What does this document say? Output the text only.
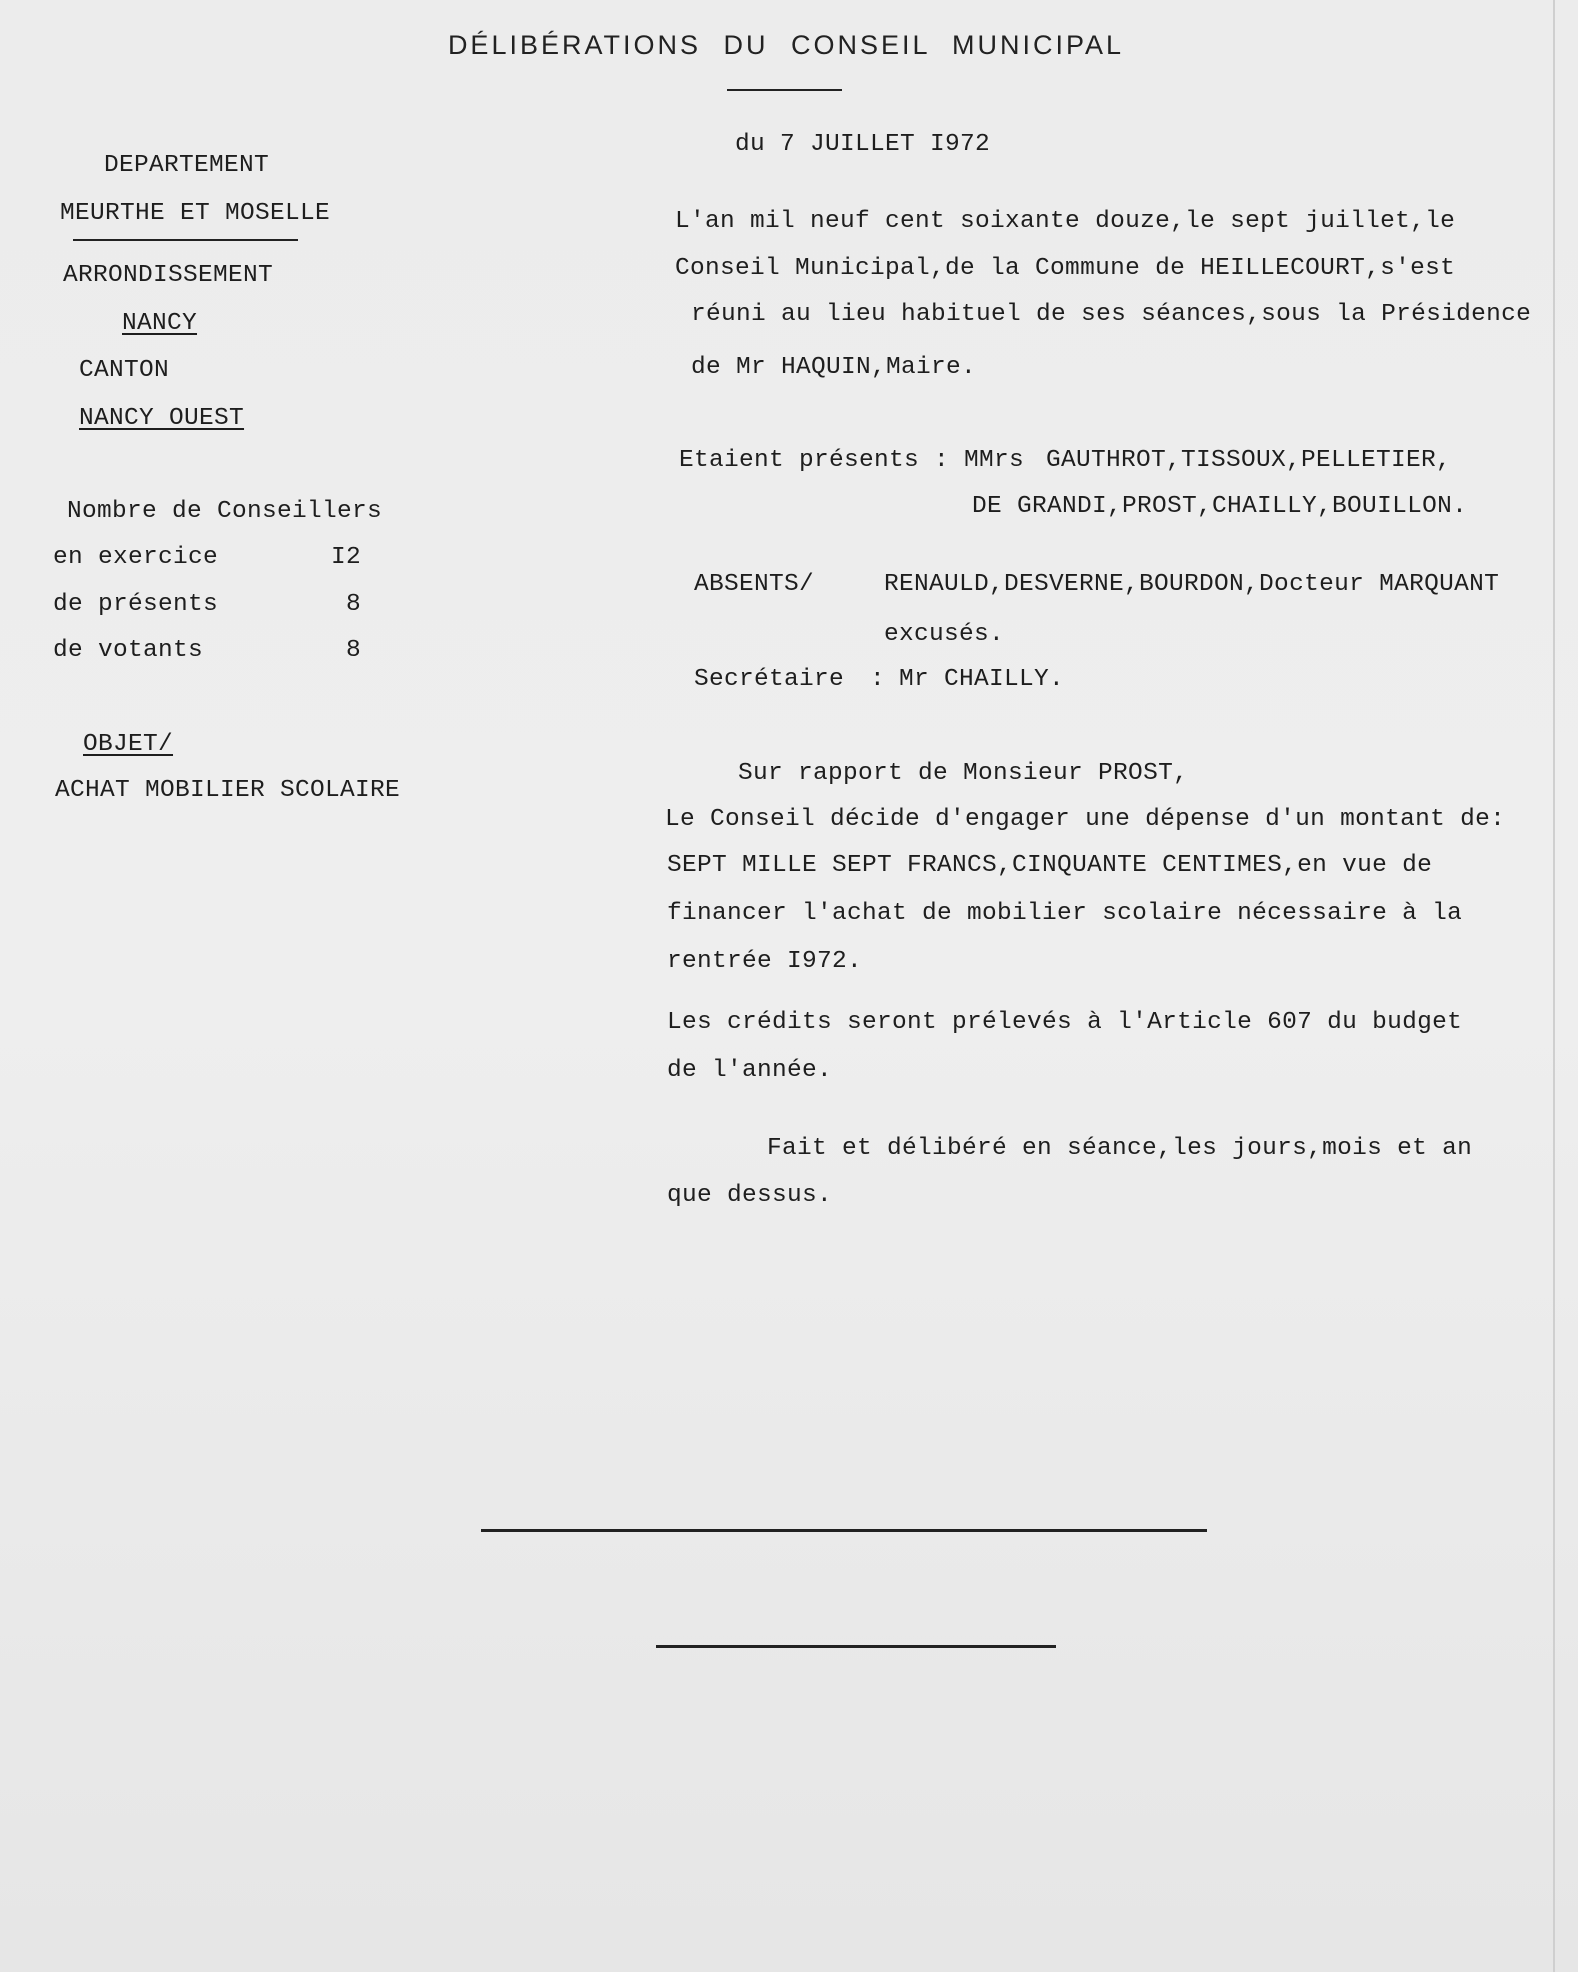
DÉLIBÉRATIONS DU CONSEIL MUNICIPAL
du 7 JUILLET I972
DEPARTEMENT
MEURTHE ET MOSELLE
ARRONDISSEMENT
NANCY
CANTON
NANCY OUEST
Nombre de Conseillers
en exercice	I2
de présents	8
de votants	8
OBJET/
ACHAT MOBILIER SCOLAIRE
L'an mil neuf cent soixante douze,le sept juillet,le
Conseil Municipal,de la Commune de HEILLECOURT,s'est
réuni au lieu habituel de ses séances,sous la Présidence
de Mr HAQUIN,Maire.
Etaient présents : MMrs GAUTHROT,TISSOUX,PELLETIER,
DE GRANDI,PROST,CHAILLY,BOUILLON.
ABSENTS/	RENAULD,DESVERNE,BOURDON,Docteur MARQUANT
excusés.
Secrétaire : Mr CHAILLY.
Sur rapport de Monsieur PROST,
Le Conseil décide d'engager une dépense d'un montant de:
SEPT MILLE SEPT FRANCS,CINQUANTE CENTIMES,en vue de
financer l'achat de mobilier scolaire nécessaire à la
rentrée I972.
Les crédits seront prélevés à l'Article 607 du budget
de l'année.
Fait et délibéré en séance,les jours,mois et an
que dessus.
